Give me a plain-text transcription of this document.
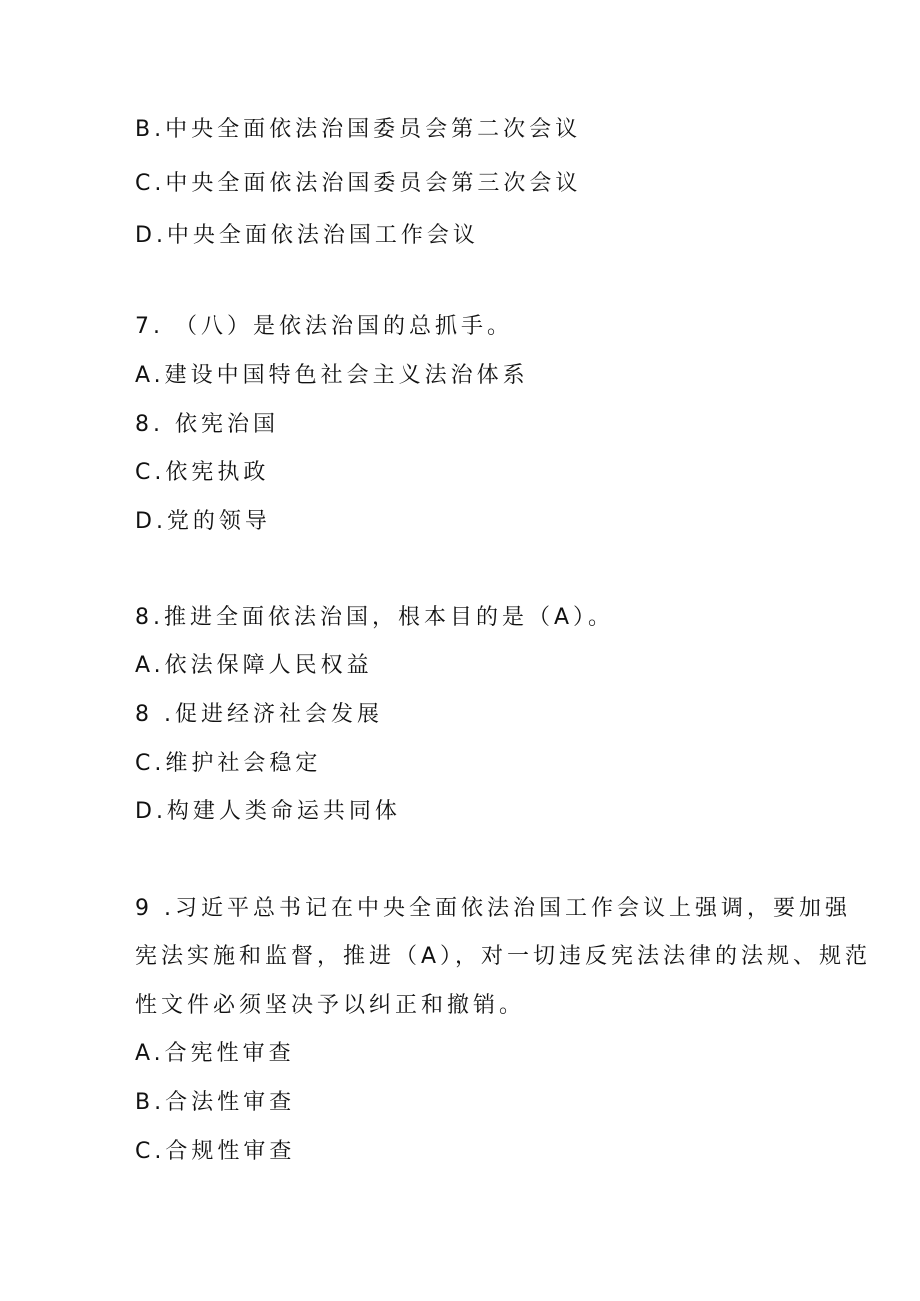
B.中央全面依法治国委员会第二次会议
C.中央全面依法治国委员会第三次会议
D.中央全面依法治国工作会议
7. （八）是依法治国的总抓手。
A.建设中国特色社会主义法治体系
8. 依宪治国
C.依宪执政
D.党的领导
8.推进全面依法治国，根本目的是（A）。
A.依法保障人民权益
8 .促进经济社会发展
C.维护社会稳定
D.构建人类命运共同体
9 .习近平总书记在中央全面依法治国工作会议上强调，要加强
宪法实施和监督，推进（A），对一切违反宪法法律的法规、规范
性文件必须坚决予以纠正和撤销。
A.合宪性审查
B.合法性审查
C.合规性审查
